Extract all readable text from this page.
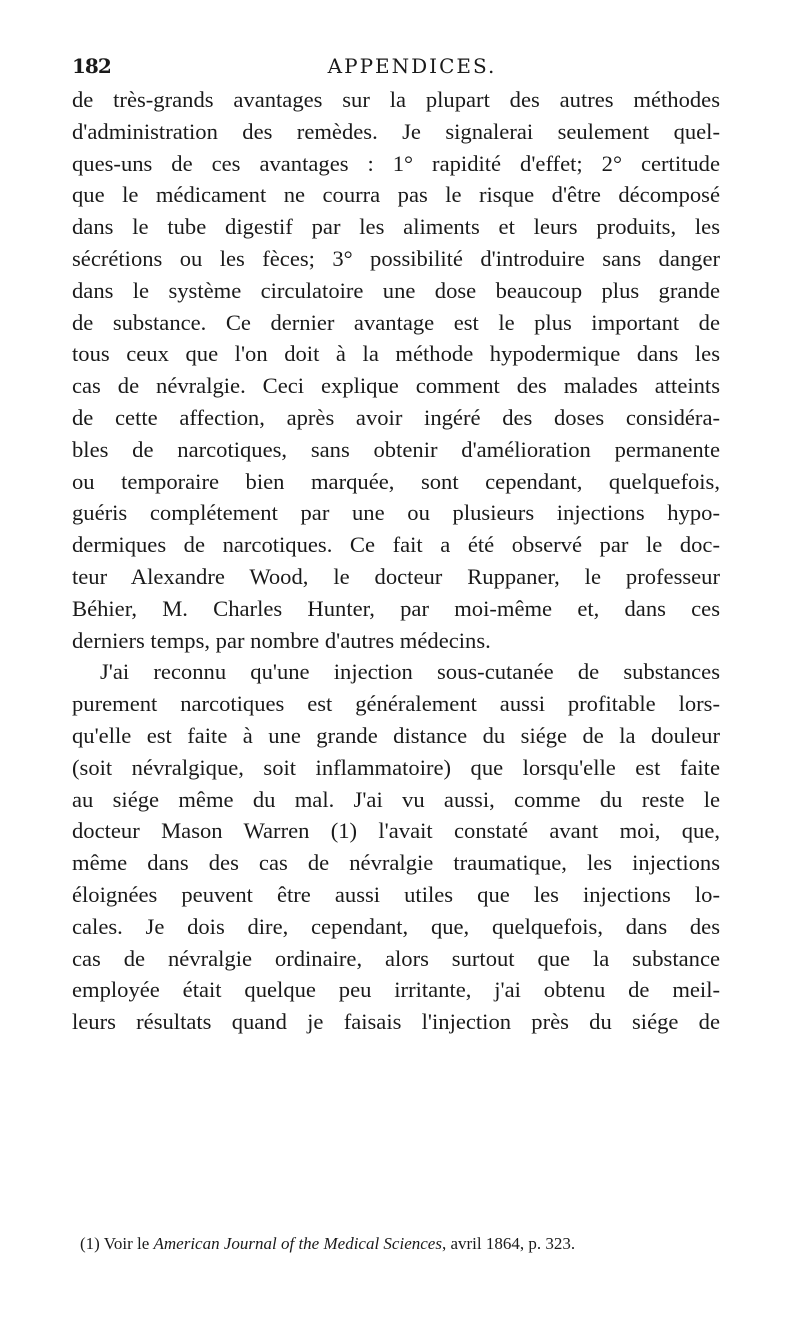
182	APPENDICES.
de très-grands avantages sur la plupart des autres méthodes
d'administration des remèdes. Je signalerai seulement quel-
ques-uns de ces avantages : 1° rapidité d'effet; 2° certitude
que le médicament ne courra pas le risque d'être décomposé
dans le tube digestif par les aliments et leurs produits, les
sécrétions ou les fèces; 3° possibilité d'introduire sans danger
dans le système circulatoire une dose beaucoup plus grande
de substance. Ce dernier avantage est le plus important de
tous ceux que l'on doit à la méthode hypodermique dans les
cas de névralgie. Ceci explique comment des malades atteints
de cette affection, après avoir ingéré des doses considéra-
bles de narcotiques, sans obtenir d'amélioration permanente
ou temporaire bien marquée, sont cependant, quelquefois,
guéris complétement par une ou plusieurs injections hypo-
dermiques de narcotiques. Ce fait a été observé par le doc-
teur Alexandre Wood, le docteur Ruppaner, le professeur
Béhier, M. Charles Hunter, par moi-même et, dans ces
derniers temps, par nombre d'autres médecins.
J'ai reconnu qu'une injection sous-cutanée de substances
purement narcotiques est généralement aussi profitable lors-
qu'elle est faite à une grande distance du siége de la douleur
(soit névralgique, soit inflammatoire) que lorsqu'elle est faite
au siége même du mal. J'ai vu aussi, comme du reste le
docteur Mason Warren (1) l'avait constaté avant moi, que,
même dans des cas de névralgie traumatique, les injections
éloignées peuvent être aussi utiles que les injections lo-
cales. Je dois dire, cependant, que, quelquefois, dans des
cas de névralgie ordinaire, alors surtout que la substance
employée était quelque peu irritante, j'ai obtenu de meil-
leurs résultats quand je faisais l'injection près du siége de
(1) Voir le American Journal of the Medical Sciences, avril 1864, p. 323.
